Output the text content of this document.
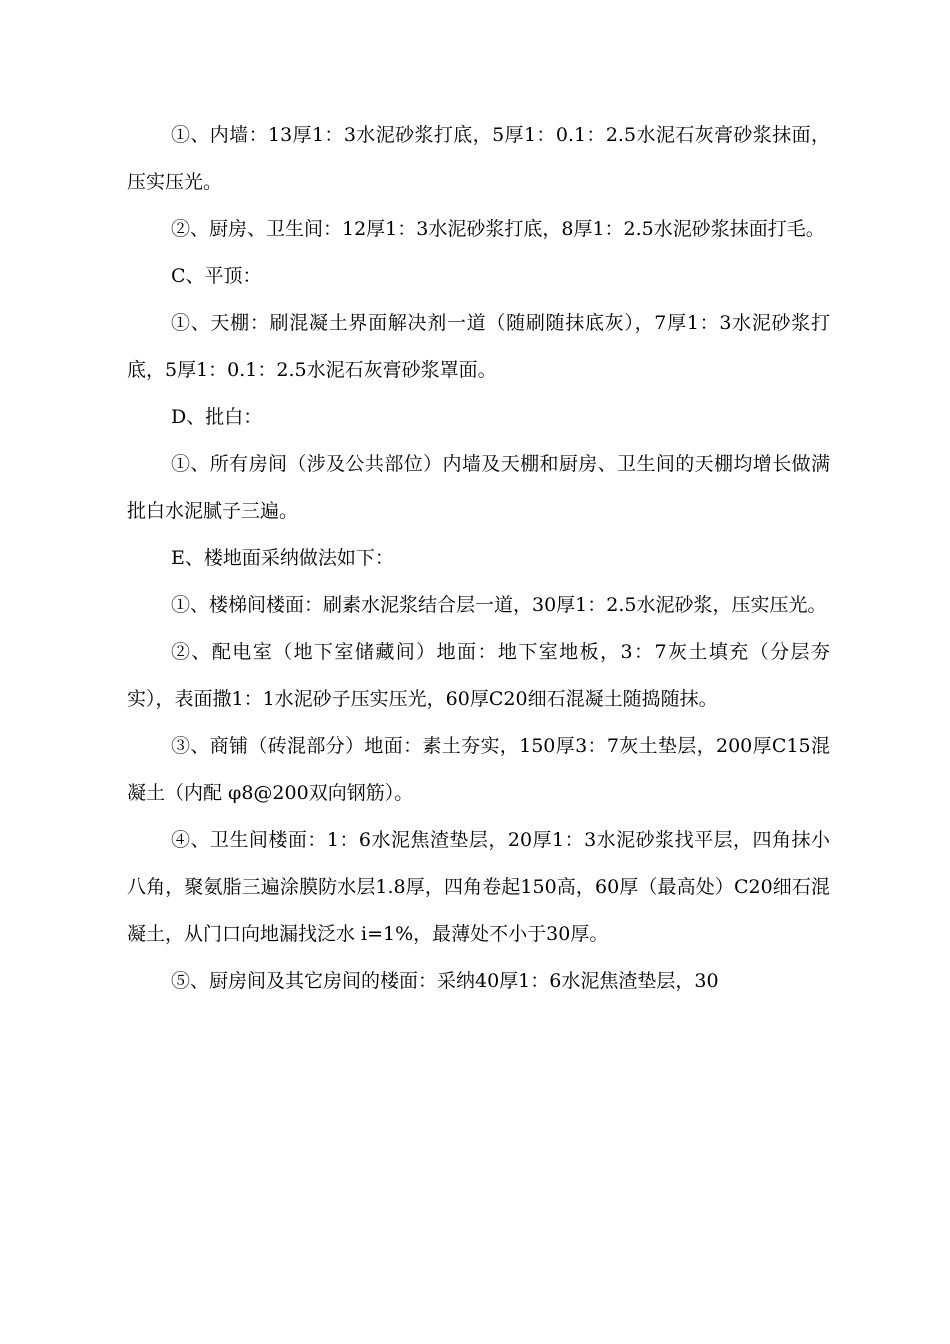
①、内墙：13厚1：3水泥砂浆打底，5厚1：0.1：2.5水泥石灰膏砂浆抹面，压实压光。

②、厨房、卫生间：12厚1：3水泥砂浆打底，8厚1：2.5水泥砂浆抹面打毛。

C、平顶：

①、天棚：刷混凝土界面解决剂一道（随刷随抹底灰），7厚1：3水泥砂浆打底，5厚1：0.1：2.5水泥石灰膏砂浆罩面。

D、批白：

①、所有房间（涉及公共部位）内墙及天棚和厨房、卫生间的天棚均增长做满批白水泥腻子三遍。

E、楼地面采纳做法如下：

①、楼梯间楼面：刷素水泥浆结合层一道，30厚1：2.5水泥砂浆，压实压光。

②、配电室（地下室储藏间）地面：地下室地板，3：7灰土填充（分层夯实），表面撒1：1水泥砂子压实压光，60厚C20细石混凝土随捣随抹。

③、商铺（砖混部分）地面：素土夯实，150厚3：7灰土垫层，200厚C15混凝土（内配 φ8@200双向钢筋）。

④、卫生间楼面：1：6水泥焦渣垫层，20厚1：3水泥砂浆找平层，四角抹小八角，聚氨脂三遍涂膜防水层1.8厚，四角卷起150高，60厚（最高处）C20细石混凝土，从门口向地漏找泛水 i=1%，最薄处不小于30厚。

⑤、厨房间及其它房间的楼面：采纳40厚1：6水泥焦渣垫层，30
